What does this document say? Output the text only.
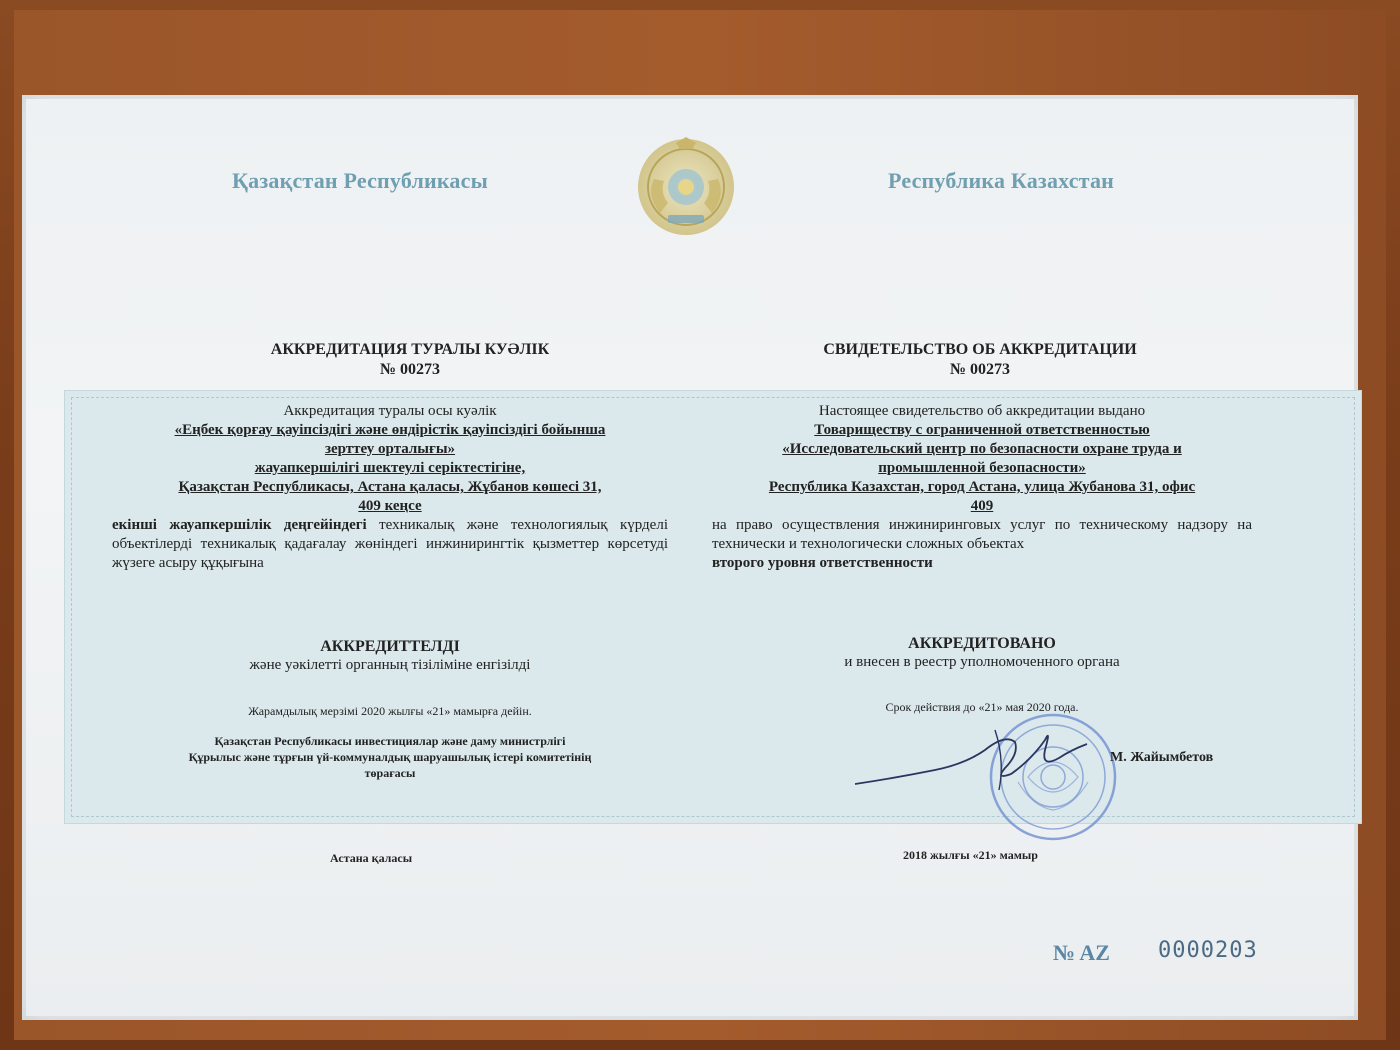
Қазақстан Республикасы	Республика Казахстан
АККРЕДИТАЦИЯ ТУРАЛЫ КУӘЛІК
№ 00273
СВИДЕТЕЛЬСТВО ОБ АККРЕДИТАЦИИ
№ 00273
Аккредитация туралы осы куәлік
«Еңбек қорғау қауіпсіздігі және өндірістік қауіпсіздігі бойынша
зерттеу орталығы»
жауапкершілігі шектеулі серіктестігіне,
Қазақстан Республикасы, Астана қаласы, Жұбанов көшесі 31,
409 кеңсе
екінші жауапкершілік деңгейіндегі техникалық және технологиялық күрделі объектілерді техникалық қадағалау жөніндегі инжинирингтік қызметтер көрсетуді жүзеге асыру құқығына
АККРЕДИТТЕЛДІ
және уәкілетті органның тізіліміне енгізілді
Жарамдылық мерзімі 2020 жылғы «21» мамырға дейін.
Қазақстан Республикасы инвестициялар және даму министрлігі
Құрылыс және тұрғын үй-коммуналдық шаруашылық істері комитетінің
төрағасы
Настоящее свидетельство об аккредитации выдано
Товариществу с ограниченной ответственностью
«Исследовательский центр по безопасности охране труда и
промышленной безопасности»
Республика Казахстан, город Астана, улица Жубанова 31, офис
409
на право осуществления инжиниринговых услуг по техническому надзору на технически и технологически сложных объектах
второго уровня ответственности
АККРЕДИТОВАНО
и внесен в реестр уполномоченного органа
Срок действия до «21» мая 2020 года.
М. Жайымбетов
Астана қаласы	2018 жылғы «21» мамыр
№ AZ 0000203
